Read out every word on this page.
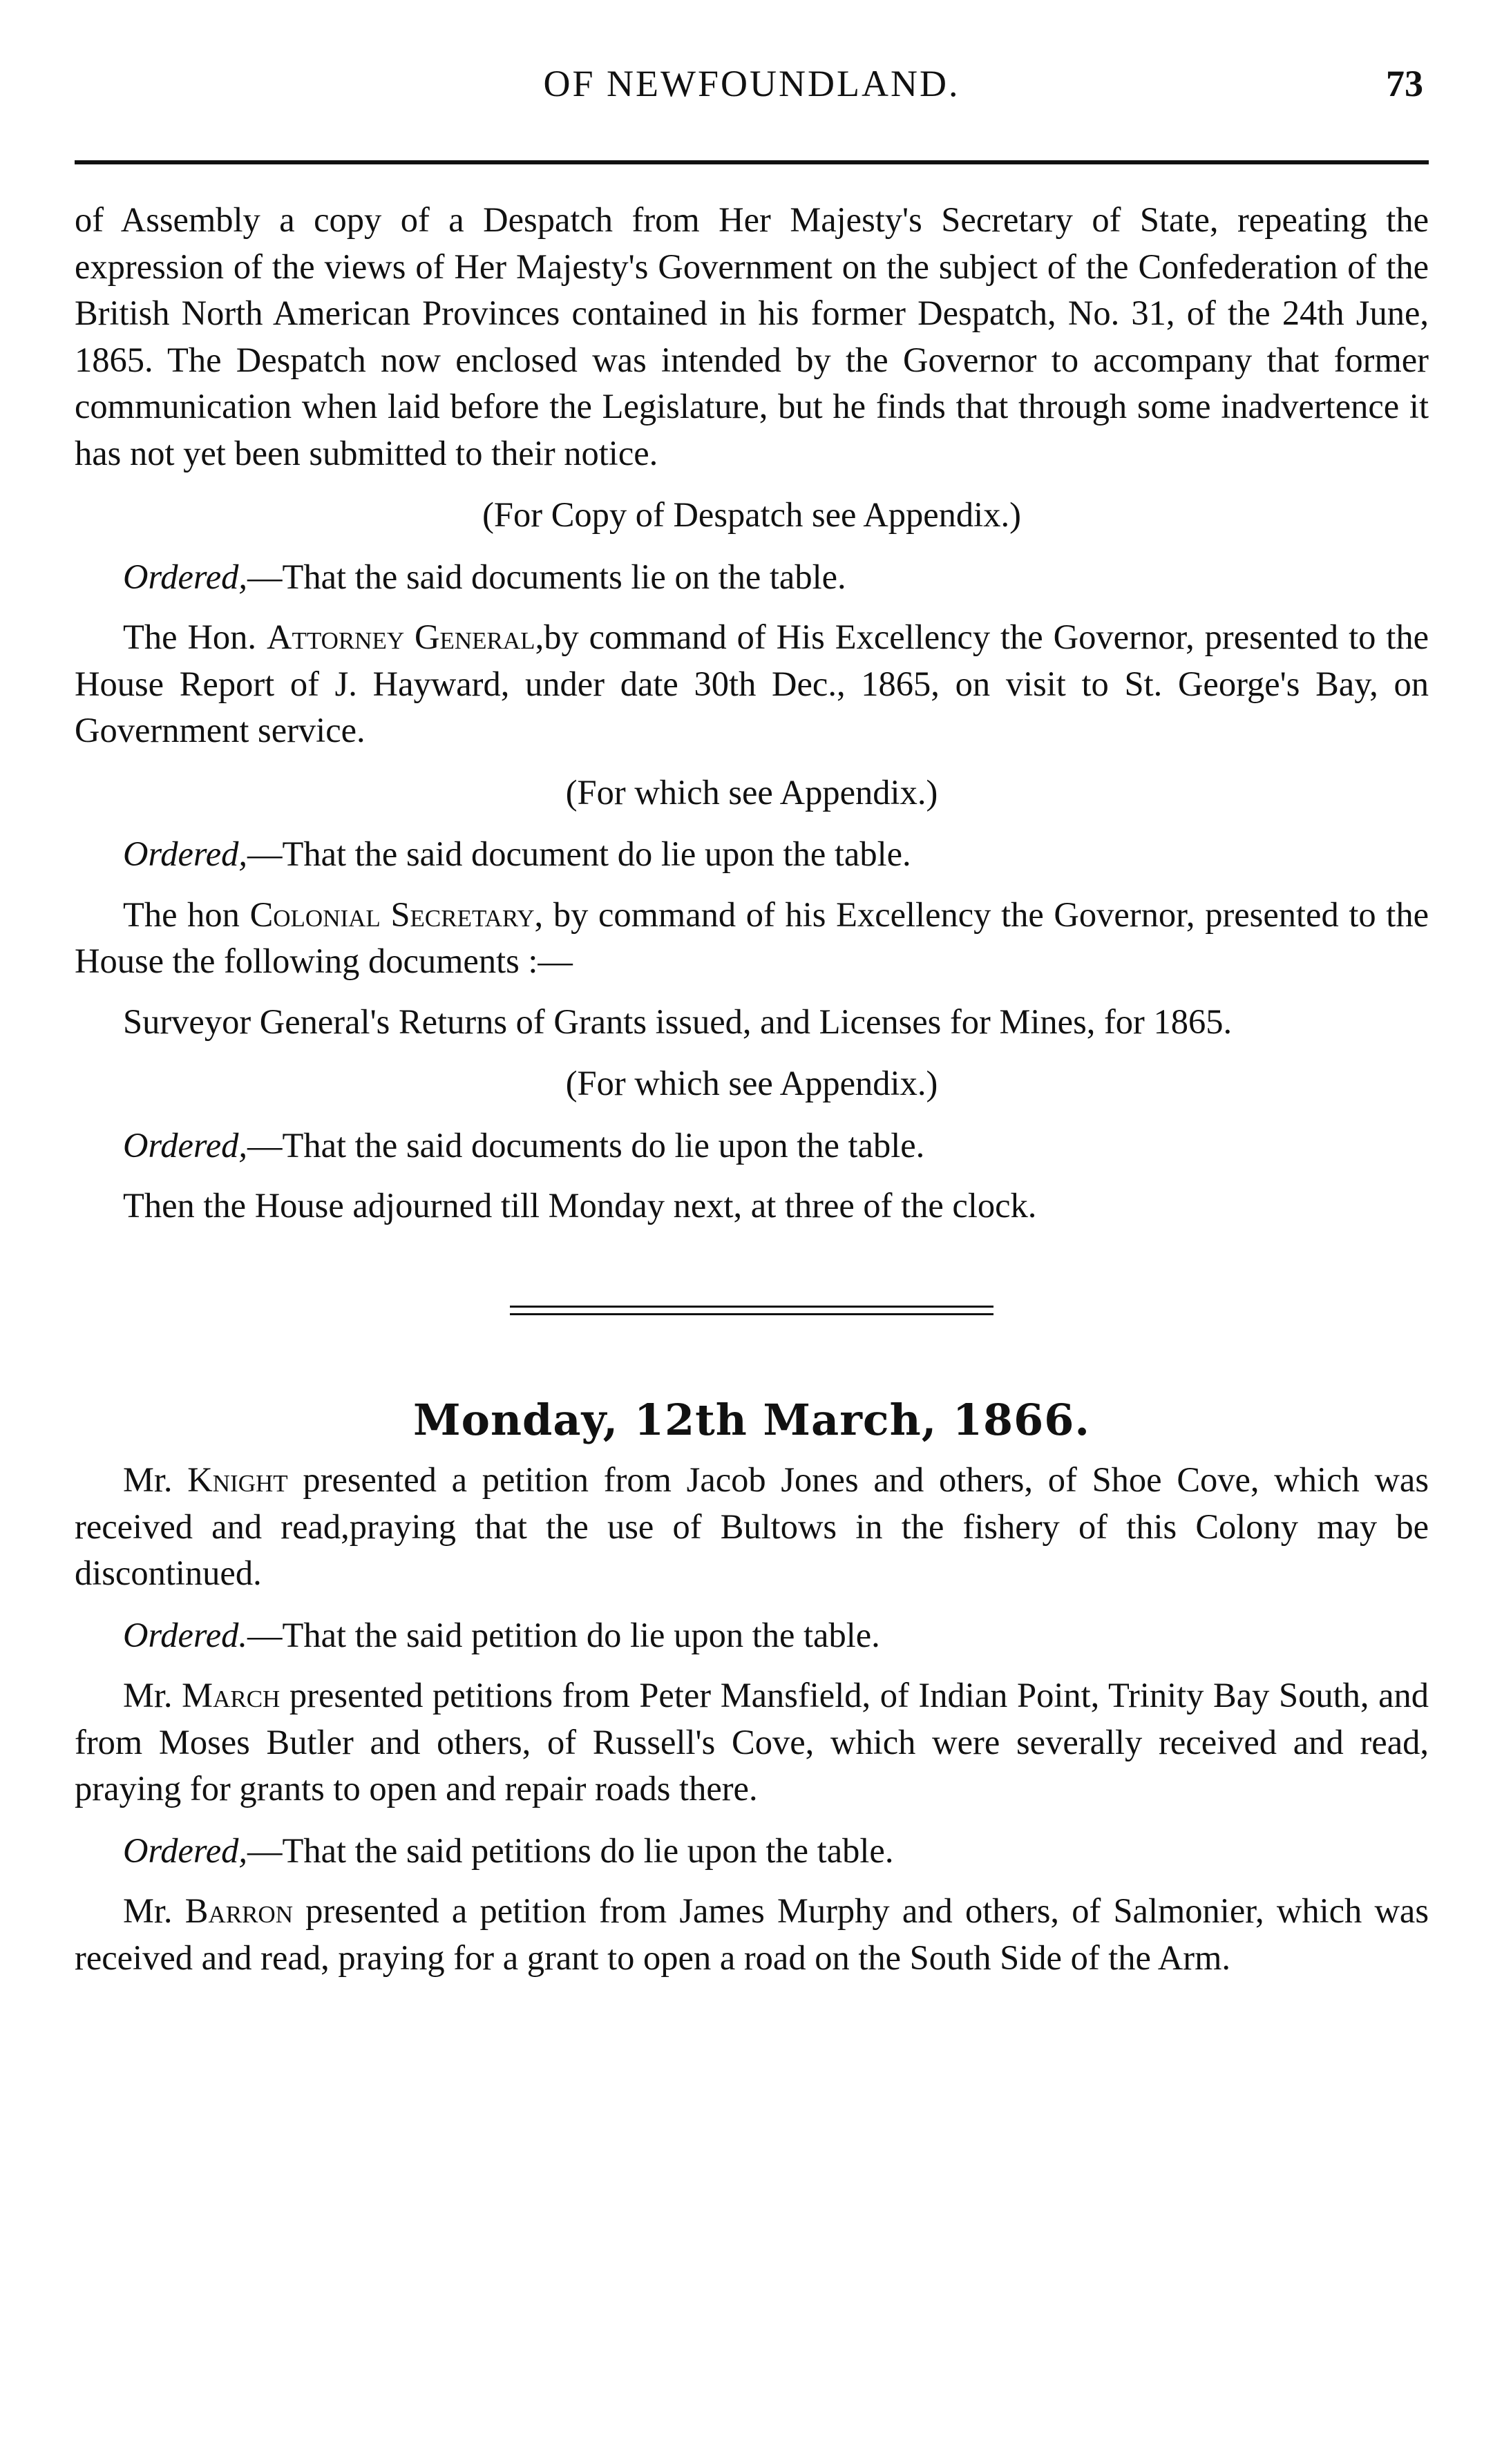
OF NEWFOUNDLAND.	73

of Assembly a copy of a Despatch from Her Majesty's Secretary of State, repeating the expression of the views of Her Majesty's Government on the subject of the Confederation of the British North American Provinces contained in his former Despatch, No. 31, of the 24th June, 1865. The Despatch now enclosed was intended by the Governor to accompany that former communication when laid before the Legislature, but he finds that through some inadvertence it has not yet been submitted to their notice.

(For Copy of Despatch see Appendix.)

Ordered,—That the said documents lie on the table.

The Hon. Attorney General,by command of His Excellency the Governor, presented to the House Report of J. Hayward, under date 30th Dec., 1865, on visit to St. George's Bay, on Government service.

(For which see Appendix.)

Ordered,—That the said document do lie upon the table.

The hon Colonial Secretary, by command of his Excellency the Governor, presented to the House the following documents :—

Surveyor General's Returns of Grants issued, and Licenses for Mines, for 1865.

(For which see Appendix.)

Ordered,—That the said documents do lie upon the table.

Then the House adjourned till Monday next, at three of the clock.

Monday, 12th March, 1866.

Mr. Knight presented a petition from Jacob Jones and others, of Shoe Cove, which was received and read,praying that the use of Bultows in the fishery of this Colony may be discontinued.

Ordered.—That the said petition do lie upon the table.

Mr. March presented petitions from Peter Mansfield, of Indian Point, Trinity Bay South, and from Moses Butler and others, of Russell's Cove, which were severally received and read, praying for grants to open and repair roads there.

Ordered,—That the said petitions do lie upon the table.

Mr. Barron presented a petition from James Murphy and others, of Salmonier, which was received and read, praying for a grant to open a road on the South Side of the Arm.
